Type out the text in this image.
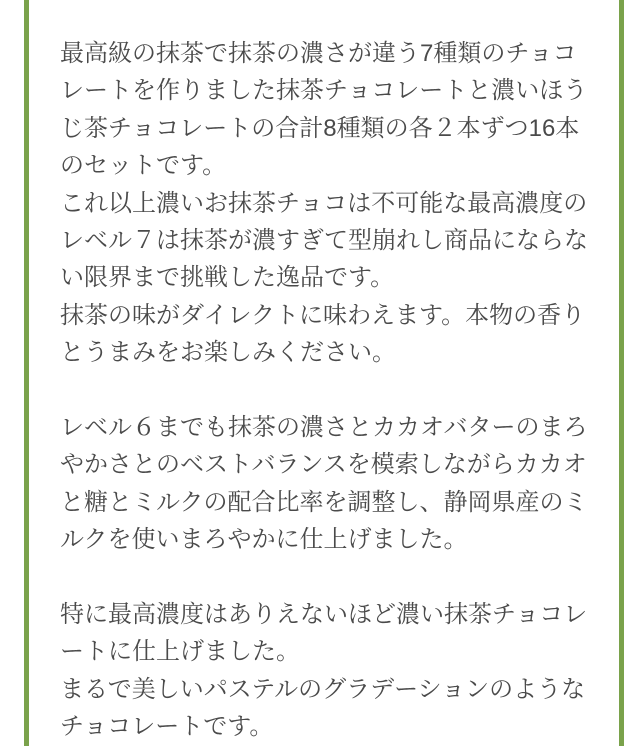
最高級の抹茶で抹茶の濃さが違う7種類のチョコレートを作りました抹茶チョコレートと濃いほうじ茶チョコレートの合計8種類の各２本ずつ16本のセットです。

これ以上濃いお抹茶チョコは不可能な最高濃度のレベル７は抹茶が濃すぎて型崩れし商品にならない限界まで挑戦した逸品です。

抹茶の味がダイレクトに味わえます。本物の香りとうまみをお楽しみください。

レベル６までも抹茶の濃さとカカオバターのまろやかさとのベストバランスを模索しながらカカオと糖とミルクの配合比率を調整し、静岡県産のミルクを使いまろやかに仕上げました。

特に最高濃度はありえないほど濃い抹茶チョコレートに仕上げました。

まるで美しいパステルのグラデーションのようなチョコレートです。
